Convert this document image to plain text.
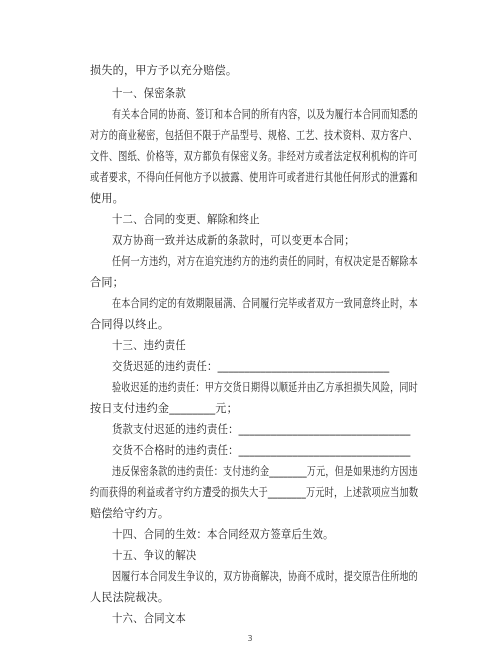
损失的，甲方予以充分赔偿。
十一、保密条款
有关本合同的协商、签订和本合同的所有内容，以及为履行本合同而知悉的
对方的商业秘密，包括但不限于产品型号、规格、工艺、技术资料、双方客户、
文件、图纸、价格等，双方都负有保密义务。非经对方或者法定权利机构的许可
或者要求，不得向任何他方予以披露、使用许可或者进行其他任何形式的泄露和
使用。
十二、合同的变更、解除和终止
双方协商一致并达成新的条款时，可以变更本合同；
任何一方违约，对方在追究违约方的违约责任的同时，有权决定是否解除本
合同；
在本合同约定的有效期限届满、合同履行完毕或者双方一致同意终止时，本
合同得以终止。
十三、违约责任
交货迟延的违约责任：________________________________
验收迟延的违约责任：甲方交货日期得以顺延并由乙方承担损失风险，同时
按日支付违约金________元；
货款支付迟延的违约责任：________________________________
交货不合格时的违约责任：________________________________
违反保密条款的违约责任：支付违约金________万元，但是如果违约方因违
约而获得的利益或者守约方遭受的损失大于________万元时，上述款项应当加数
赔偿给守约方。
十四、合同的生效：本合同经双方签章后生效。
十五、争议的解决
因履行本合同发生争议的，双方协商解决，协商不成时，提交原告住所地的
人民法院裁决。
十六、合同文本
3
